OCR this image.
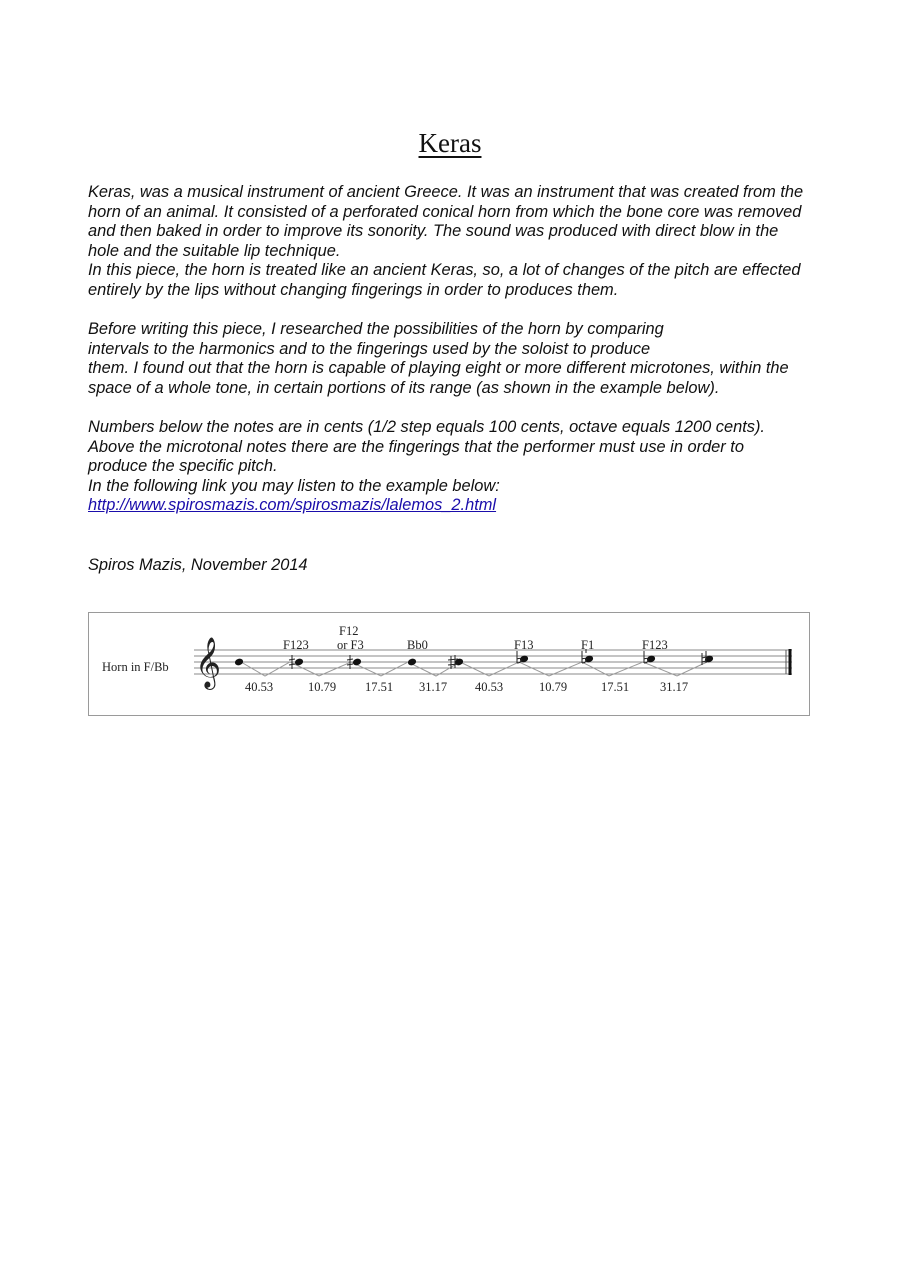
Keras
Keras, was a musical instrument of ancient Greece. It was an instrument that was created from the
horn of an animal. It consisted of a perforated conical horn from which the bone core was removed
and then baked in order to improve its sonority. The sound was produced with direct blow in the
hole and the suitable lip technique.
In this piece, the horn is treated like an ancient Keras, so, a lot of changes of the pitch are effected
entirely by the lips without changing fingerings in order to produces them.
Before writing this piece, I researched the possibilities of the horn by comparing
intervals to the harmonics and to the fingerings used by the soloist to produce
them. I found out that the horn is capable of playing eight or more different microtones, within the
space of a whole tone, in certain portions of its range (as shown in the example below).
Numbers below the notes are in cents (1/2 step equals 100 cents, octave equals 1200 cents).
Above the microtonal notes there are the fingerings that the performer must use in order to
produce the specific pitch.
In the following link you may listen to the example below:
http://www.spirosmazis.com/spirosmazis/lalemos_2.html

Spiros Mazis, November 2014

𝄞
Horn in F/Bb
F123
F12
or F3	Bb0	F13	F1	F123
40.53	10.79 17.51 31.17 40.53	10.79	17.51 31.17
